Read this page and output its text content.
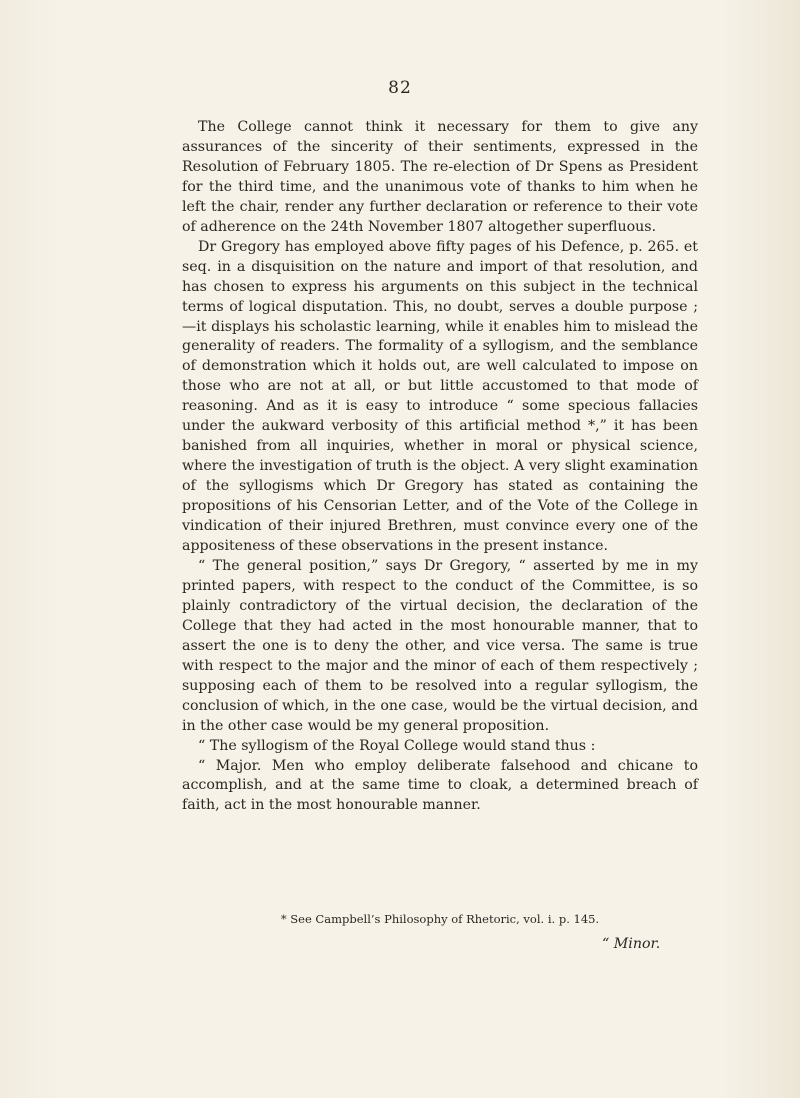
82

The College cannot think it necessary for them to give any assurances of the sincerity of their sentiments, expressed in the Resolution of February 1805. The re-election of Dr Spens as President for the third time, and the unanimous vote of thanks to him when he left the chair, render any further declaration or reference to their vote of adherence on the 24th November 1807 altogether superfluous.

Dr Gregory has employed above fifty pages of his Defence, p. 265. et seq. in a disquisition on the nature and import of that resolution, and has chosen to express his arguments on this subject in the technical terms of logical disputation. This, no doubt, serves a double purpose ;—it displays his scholastic learning, while it enables him to mislead the generality of readers. The formality of a syllogism, and the semblance of demonstration which it holds out, are well calculated to impose on those who are not at all, or but little accustomed to that mode of reasoning. And as it is easy to introduce “ some specious fallacies under the aukward verbosity of this artificial method *,” it has been banished from all inquiries, whether in moral or physical science, where the investigation of truth is the object. A very slight examination of the syllogisms which Dr Gregory has stated as containing the propositions of his Censorian Letter, and of the Vote of the College in vindication of their injured Brethren, must convince every one of the appositeness of these observations in the present instance.

“ The general position,” says Dr Gregory, “ asserted by me in my printed papers, with respect to the conduct of the Committee, is so plainly contradictory of the virtual decision, the declaration of the College that they had acted in the most honourable manner, that to assert the one is to deny the other, and vice versa. The same is true with respect to the major and the minor of each of them respectively ; supposing each of them to be resolved into a regular syllogism, the conclusion of which, in the one case, would be the virtual decision, and in the other case would be my general proposition.

“ The syllogism of the Royal College would stand thus :

“ Major. Men who employ deliberate falsehood and chicane to accomplish, and at the same time to cloak, a determined breach of faith, act in the most honourable manner.

* See Campbell’s Philosophy of Rhetoric, vol. i. p. 145.
“ Minor.
